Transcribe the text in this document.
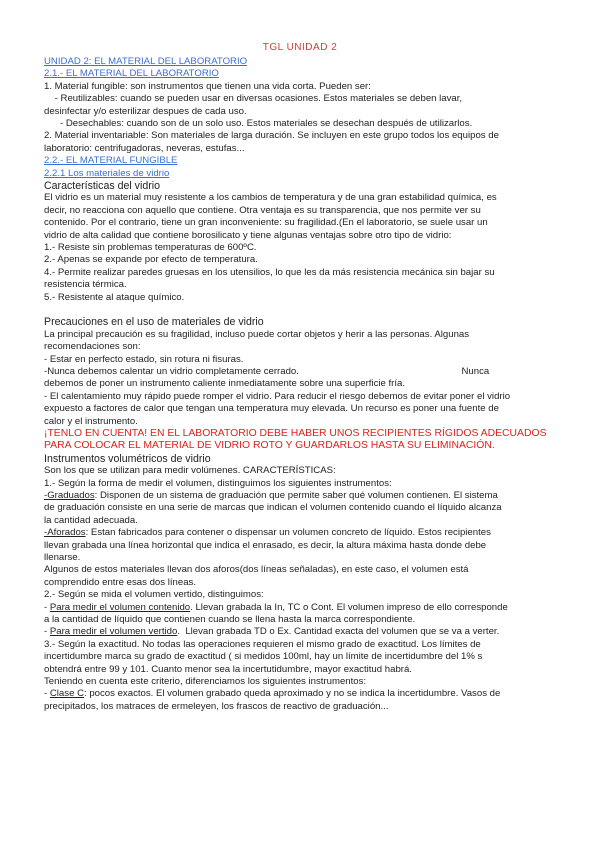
TGL UNIDAD 2
UNIDAD 2: EL MATERIAL DEL LABORATORIO
2.1.- EL MATERIAL DEL LABORATORIO
1. Material fungible: son instrumentos que tienen una vida corta. Pueden ser:
- Reutilizables: cuando se pueden usar en diversas ocasiones. Estos materiales se deben lavar,
desinfectar y/o esterilizar despues de cada uso.
- Desechables: cuando son de un solo uso. Estos materiales se desechan después de utilizarlos.
2. Material inventariable: Son materiales de larga duración. Se incluyen en este grupo todos los equipos de
laboratorio: centrifugadoras, neveras, estufas...
2.2.- EL MATERIAL FUNGIBLE
2.2.1 Los materiales de vidrio
Características del vidrio
El vidrio es un material muy resistente a los cambios de temperatura y de una gran estabilidad química, es
decir, no reacciona con aquello que contiene. Otra ventaja es su transparencia, que nos permite ver su
contenido. Por el contrario, tiene un gran inconveniente: su fragilidad.(En el laboratorio, se suele usar un
vidrio de alta calidad que contiene borosilicato y tiene algunas ventajas sobre otro tipo de vidrio:
1.- Resiste sin problemas temperaturas de 600ºC.
2.- Apenas se expande por efecto de temperatura.
4.- Permite realizar paredes gruesas en los utensilios, lo que les da más resistencia mecánica sin bajar su
resistencia térmica.
5.- Resistente al ataque químico.
Precauciones en el uso de materiales de vidrio
La principal precaución es su fragilidad, incluso puede cortar objetos y herir a las personas. Algunas
recomendaciones son:
- Estar en perfecto estado, sin rotura ni fisuras.
-Nunca debemos calentar un vidrio completamente cerrado.                                                             Nunca
debemos de poner un instrumento caliente inmediatamente sobre una superficie fría.
- El calentamiento muy rápido puede romper el vidrio. Para reducir el riesgo debemos de evitar poner el vidrio
expuesto a factores de calor que tengan una temperatura muy elevada. Un recurso es poner una fuente de
calor y el instrumento.
¡TENLO EN CUENTA! EN EL LABORATORIO DEBE HABER UNOS RECIPIENTES RÍGIDOS ADECUADOS
PARA COLOCAR EL MATERIAL DE VIDRIO ROTO Y GUARDARLOS HASTA SU ELIMINACIÓN.
Instrumentos volumétricos de vidrio
Son los que se utilizan para medir volúmenes. CARACTERÍSTICAS:
1.- Según la forma de medir el volumen, distinguimos los siguientes instrumentos:
-Graduados: Disponen de un sistema de graduación que permite saber qué volumen contienen. El sistema
de graduación consiste en una serie de marcas que indican el volumen contenido cuando el líquido alcanza
la cantidad adecuada.
-Aforados: Estan fabricados para contener o dispensar un volumen concreto de líquido. Estos recipientes
llevan grabada una línea horizontal que indica el enrasado, es decir, la altura máxima hasta donde debe
llenarse.
Algunos de estos materiales llevan dos aforos(dos líneas señaladas), en este caso, el volumen está
comprendido entre esas dos líneas.
2.- Según se mida el volumen vertido, distinguimos:
- Para medir el volumen contenido. Llevan grabada la In, TC o Cont. El volumen impreso de ello corresponde
a la cantidad de líquido que contienen cuando se llena hasta la marca correspondiente.
- Para medir el volumen vertido.  Llevan grabada TD o Ex. Cantidad exacta del volumen que se va a verter.
3.- Según la exactitud. No todas las operaciones requieren el mismo grado de exactitud. Los límites de
incertidumbre marca su grado de exactitud ( si medidos 100ml, hay un límite de incertidumbre del 1% s
obtendrá entre 99 y 101. Cuanto menor sea la incertutidumbre, mayor exactitud habrá.
Teniendo en cuenta este criterio, diferenciamos los siguientes instrumentos:
- Clase C: pocos exactos. El volumen grabado queda aproximado y no se indica la incertidumbre. Vasos de
precipitados, los matraces de ermeleyen, los frascos de reactivo de graduación...
